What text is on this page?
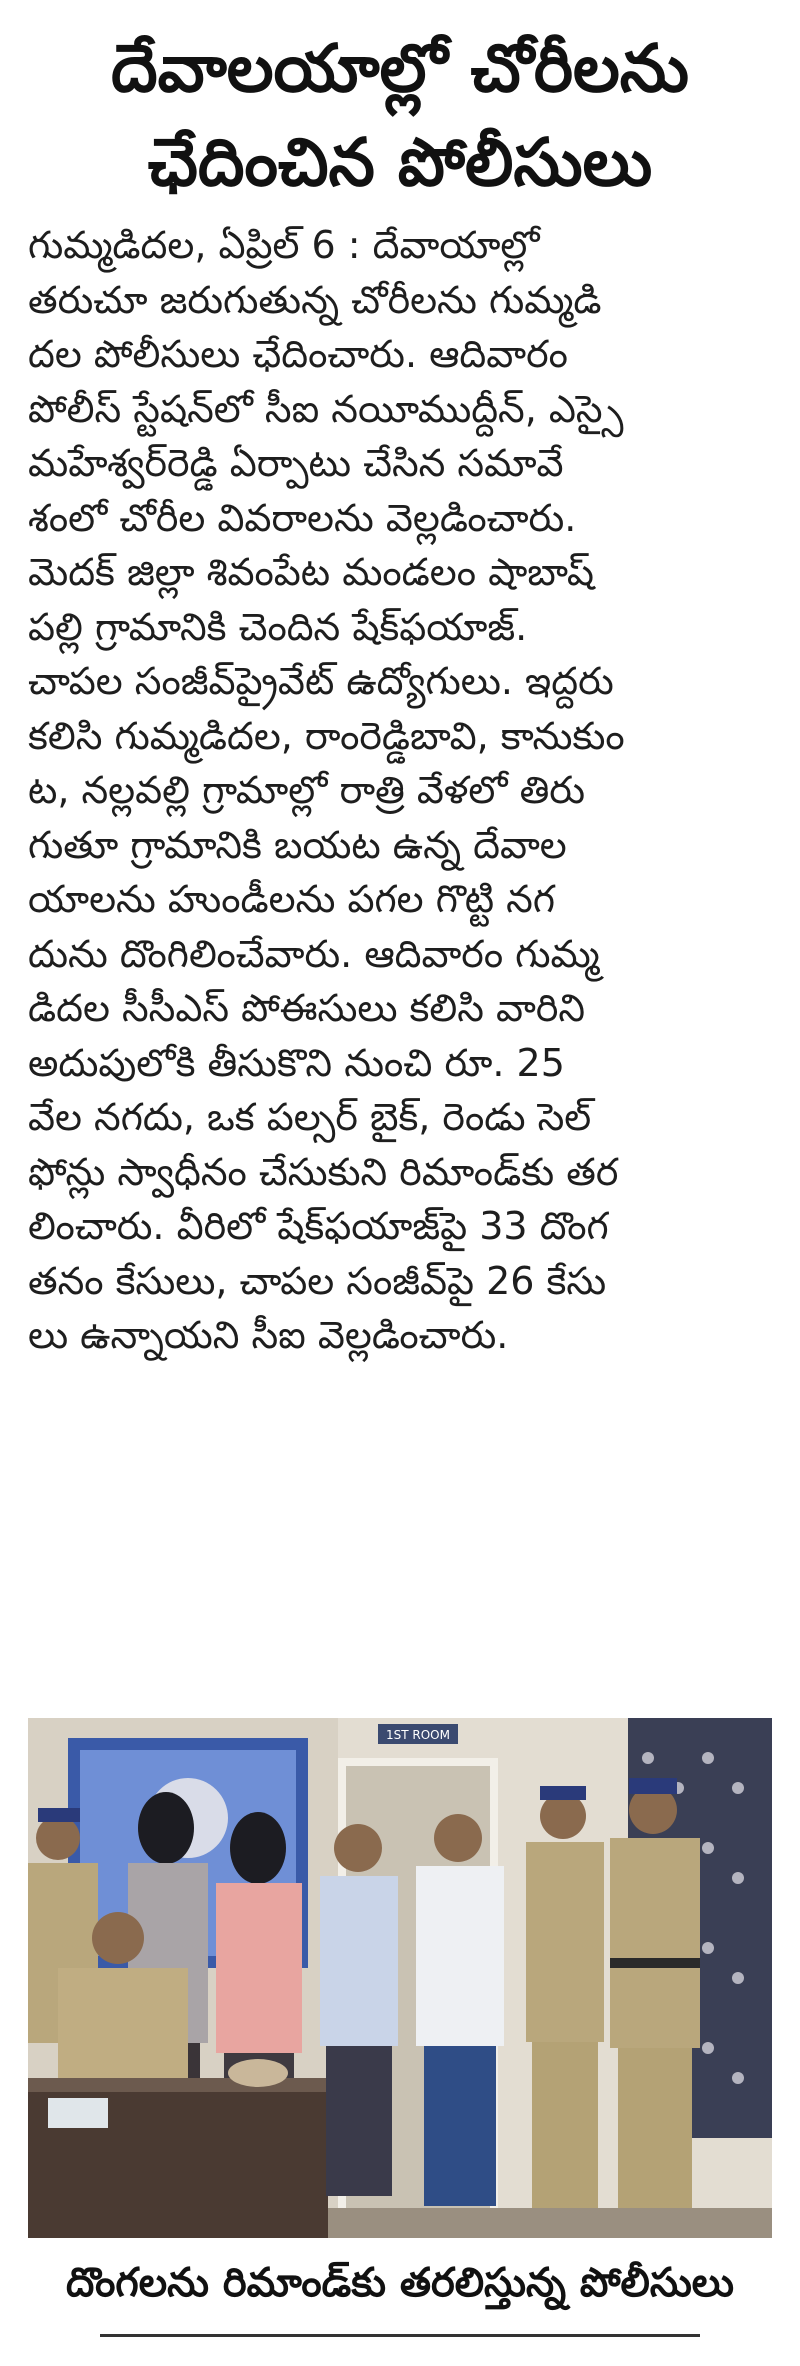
దేవాలయాల్లో చోరీలను
ఛేదించిన పోలీసులు
గుమ్మడిదల, ఏప్రిల్ 6 : దేవాయాల్లో
తరుచూ జరుగుతున్న చోరీలను గుమ్మడి
దల పోలీసులు ఛేదించారు. ఆదివారం
పోలీస్ స్టేషన్‌లో సీఐ నయీముద్దీన్, ఎస్సై
మహేశ్వర్‌రెడ్డి ఏర్పాటు చేసిన సమావే
శంలో చోరీల వివరాలను వెల్లడించారు.
మెదక్ జిల్లా శివంపేట మండలం షాబాష్
పల్లి గ్రామానికి చెందిన షేక్‌ఫయాజ్.
చాపల సంజీవ్‌ప్రైవేట్ ఉద్యోగులు. ఇద్దరు
కలిసి గుమ్మడిదల, రాంరెడ్డిబావి, కానుకుం
ట, నల్లవల్లి గ్రామాల్లో రాత్రి వేళలో తిరు
గుతూ గ్రామానికి బయట ఉన్న దేవాల
యాలను హుండీలను పగల గొట్టి నగ
దును దొంగిలించేవారు. ఆదివారం గుమ్మ
డిదల సీసీఎస్ పోఈసులు కలిసి వారిని
అదుపులోకి తీసుకొని నుంచి రూ. 25
వేల నగదు, ఒక పల్సర్ బైక్, రెండు సెల్
ఫోన్లు స్వాధీనం చేసుకుని రిమాండ్‌కు తర
లించారు. వీరిలో షేక్‌ఫయాజ్‌పై 33 దొంగ
తనం కేసులు, చాపల సంజీవ్‌పై 26 కేసు
లు ఉన్నాయని సీఐ వెల్లడించారు.
1ST ROOM
దొంగలను రిమాండ్‌కు తరలిస్తున్న పోలీసులు
